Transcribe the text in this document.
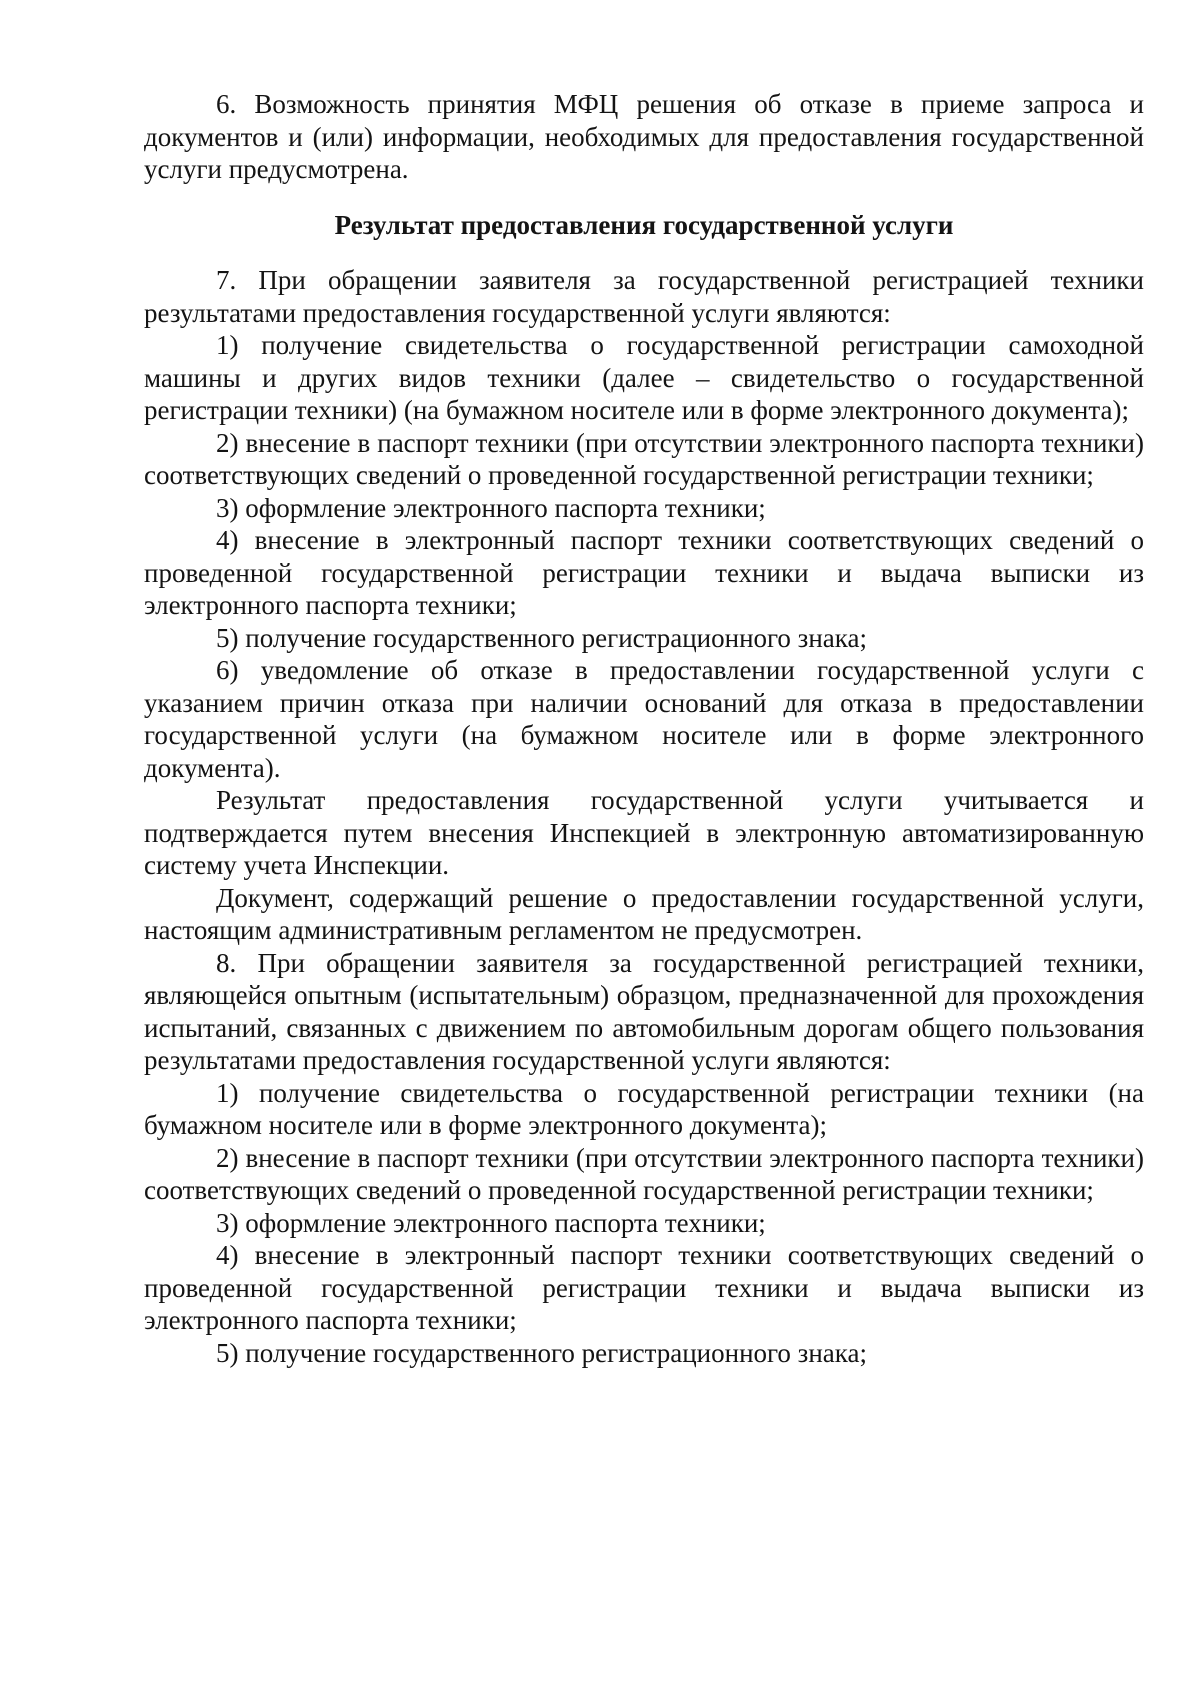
6. Возможность принятия МФЦ решения об отказе в приеме запроса и документов и (или) информации, необходимых для предоставления государственной услуги предусмотрена.

Результат предоставления государственной услуги

7. При обращении заявителя за государственной регистрацией техники результатами предоставления государственной услуги являются:

1) получение свидетельства о государственной регистрации самоходной машины и других видов техники (далее – свидетельство о государственной регистрации техники) (на бумажном носителе или в форме электронного документа);

2) внесение в паспорт техники (при отсутствии электронного паспорта техники) соответствующих сведений о проведенной государственной регистрации техники;

3) оформление электронного паспорта техники;

4) внесение в электронный паспорт техники соответствующих сведений о проведенной государственной регистрации техники и выдача выписки из электронного паспорта техники;

5) получение государственного регистрационного знака;

6) уведомление об отказе в предоставлении государственной услуги с указанием причин отказа при наличии оснований для отказа в предоставлении государственной услуги (на бумажном носителе или в форме электронного документа).

Результат предоставления государственной услуги учитывается и подтверждается путем внесения Инспекцией в электронную автоматизированную систему учета Инспекции.

Документ, содержащий решение о предоставлении государственной услуги, настоящим административным регламентом не предусмотрен.

8. При обращении заявителя за государственной регистрацией техники, являющейся опытным (испытательным) образцом, предназначенной для прохождения испытаний, связанных с движением по автомобильным дорогам общего пользования результатами предоставления государственной услуги являются:

1) получение свидетельства о государственной регистрации техники (на бумажном носителе или в форме электронного документа);

2) внесение в паспорт техники (при отсутствии электронного паспорта техники) соответствующих сведений о проведенной государственной регистрации техники;

3) оформление электронного паспорта техники;

4) внесение в электронный паспорт техники соответствующих сведений о проведенной государственной регистрации техники и выдача выписки из электронного паспорта техники;

5) получение государственного регистрационного знака;
